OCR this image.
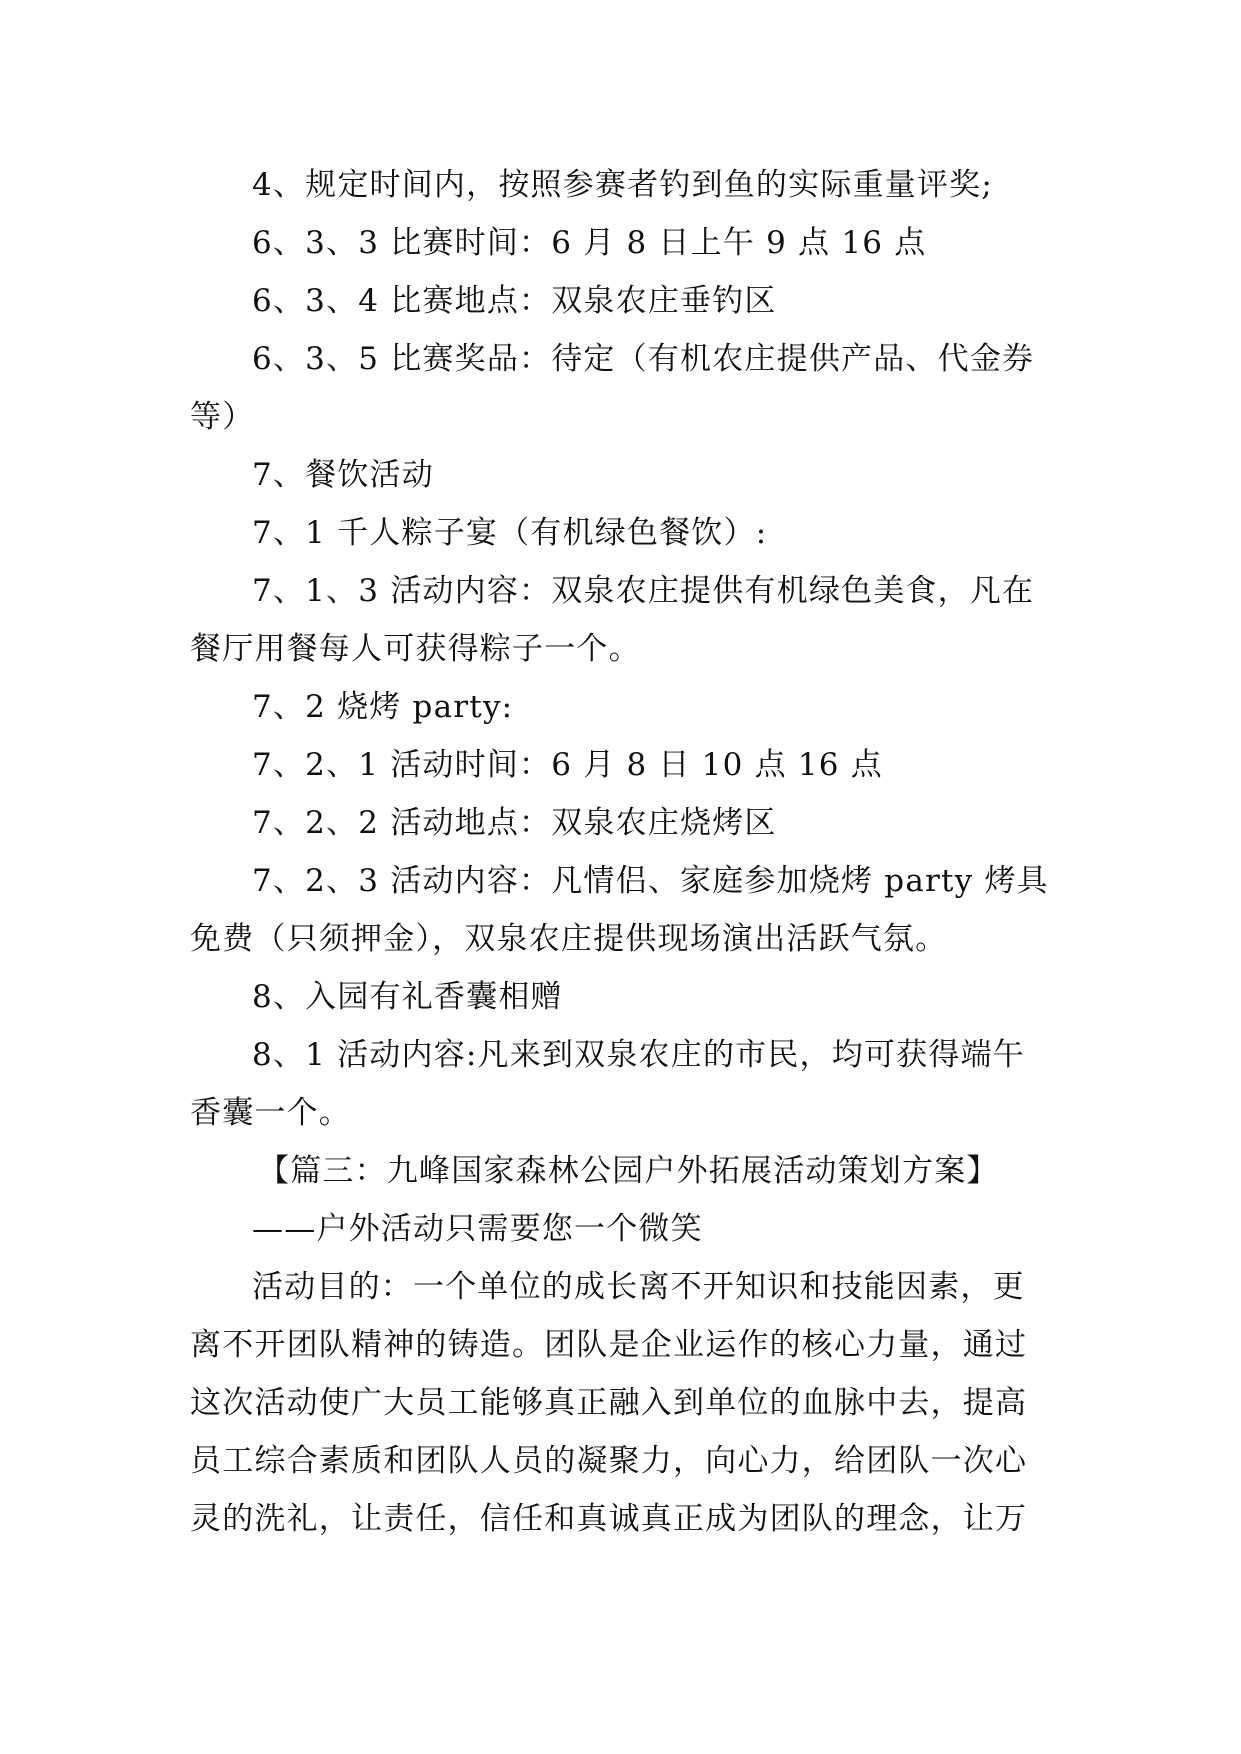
4、规定时间内，按照参赛者钓到鱼的实际重量评奖;

6、3、3 比赛时间：6 月 8 日上午 9 点 16 点

6、3、4 比赛地点：双泉农庄垂钓区

6、3、5 比赛奖品：待定（有机农庄提供产品、代金券等）

7、餐饮活动

7、1 千人粽子宴（有机绿色餐饮）:

7、1、3 活动内容：双泉农庄提供有机绿色美食，凡在餐厅用餐每人可获得粽子一个。

7、2 烧烤 party:

7、2、1 活动时间：6 月 8 日 10 点 16 点

7、2、2 活动地点：双泉农庄烧烤区

7、2、3 活动内容：凡情侣、家庭参加烧烤 party 烤具免费（只须押金），双泉农庄提供现场演出活跃气氛。

8、入园有礼香囊相赠

8、1 活动内容:凡来到双泉农庄的市民，均可获得端午香囊一个。

【篇三：九峰国家森林公园户外拓展活动策划方案】

——户外活动只需要您一个微笑

活动目的：一个单位的成长离不开知识和技能因素，更离不开团队精神的铸造。团队是企业运作的核心力量，通过这次活动使广大员工能够真正融入到单位的血脉中去，提高员工综合素质和团队人员的凝聚力，向心力，给团队一次心灵的洗礼，让责任，信任和真诚真正成为团队的理念，让万
